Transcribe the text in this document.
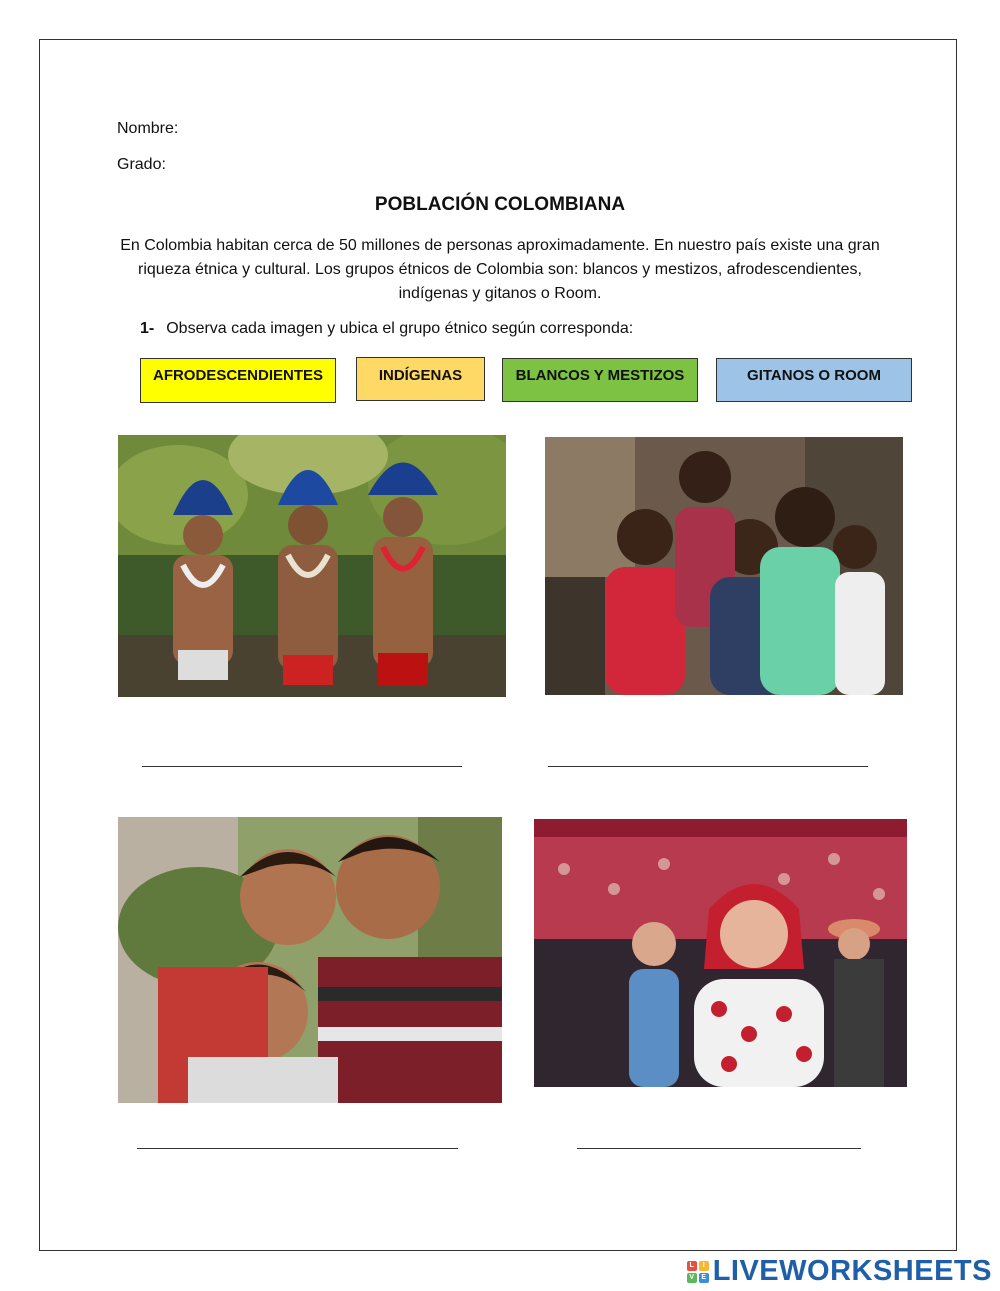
Nombre:
Grado:
POBLACIÓN COLOMBIANA
En Colombia habitan cerca de 50 millones de personas aproximadamente. En nuestro país existe una gran riqueza étnica y cultural. Los grupos étnicos de Colombia son: blancos y mestizos, afrodescendientes, indígenas y gitanos o Room.
1- Observa cada imagen y ubica el grupo étnico según corresponda:
AFRODESCENDIENTES	INDÍGENAS	BLANCOS Y MESTIZOS	GITANOS O ROOM
L	I
V	E LIVEWORKSHEETS
